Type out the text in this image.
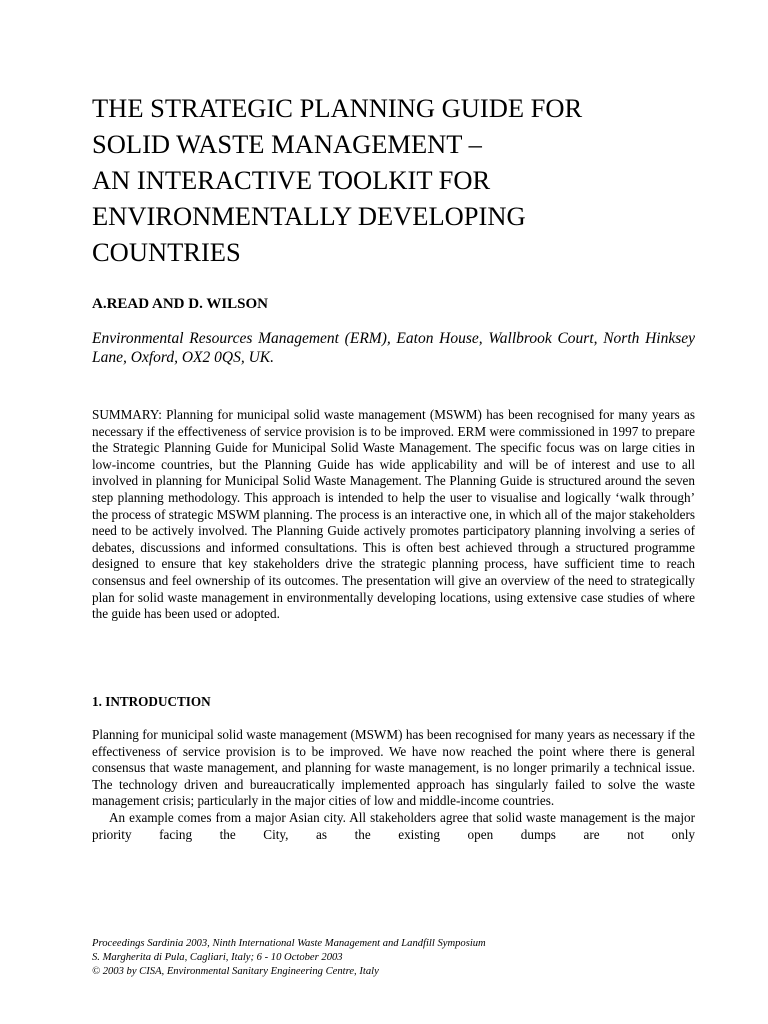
THE STRATEGIC PLANNING GUIDE FOR
SOLID WASTE MANAGEMENT –
AN INTERACTIVE TOOLKIT FOR
ENVIRONMENTALLY DEVELOPING
COUNTRIES
A.READ AND D. WILSON
Environmental Resources Management (ERM), Eaton House, Wallbrook Court, North Hinksey Lane, Oxford, OX2 0QS, UK.

SUMMARY: Planning for municipal solid waste management (MSWM) has been recognised for many years as necessary if the effectiveness of service provision is to be improved. ERM were commissioned in 1997 to prepare the Strategic Planning Guide for Municipal Solid Waste Management. The specific focus was on large cities in low-income countries, but the Planning Guide has wide applicability and will be of interest and use to all involved in planning for Municipal Solid Waste Management. The Planning Guide is structured around the seven step planning methodology. This approach is intended to help the user to visualise and logically ‘walk through’ the process of strategic MSWM planning. The process is an interactive one, in which all of the major stakeholders need to be actively involved. The Planning Guide actively promotes participatory planning involving a series of debates, discussions and informed consultations. This is often best achieved through a structured programme designed to ensure that key stakeholders drive the strategic planning process, have sufficient time to reach consensus and feel ownership of its outcomes. The presentation will give an overview of the need to strategically plan for solid waste management in environmentally developing locations, using extensive case studies of where the guide has been used or adopted.

1. INTRODUCTION

Planning for municipal solid waste management (MSWM) has been recognised for many years as necessary if the effectiveness of service provision is to be improved. We have now reached the point where there is general consensus that waste management, and planning for waste management, is no longer primarily a technical issue. The technology driven and bureaucratically implemented approach has singularly failed to solve the waste management crisis; particularly in the major cities of low and middle-income countries.

An example comes from a major Asian city. All stakeholders agree that solid waste management is the major priority facing the City, as the existing open dumps are not only

Proceedings Sardinia 2003, Ninth International Waste Management and Landfill Symposium
S. Margherita di Pula, Cagliari, Italy; 6 - 10 October 2003
© 2003 by CISA, Environmental Sanitary Engineering Centre, Italy
